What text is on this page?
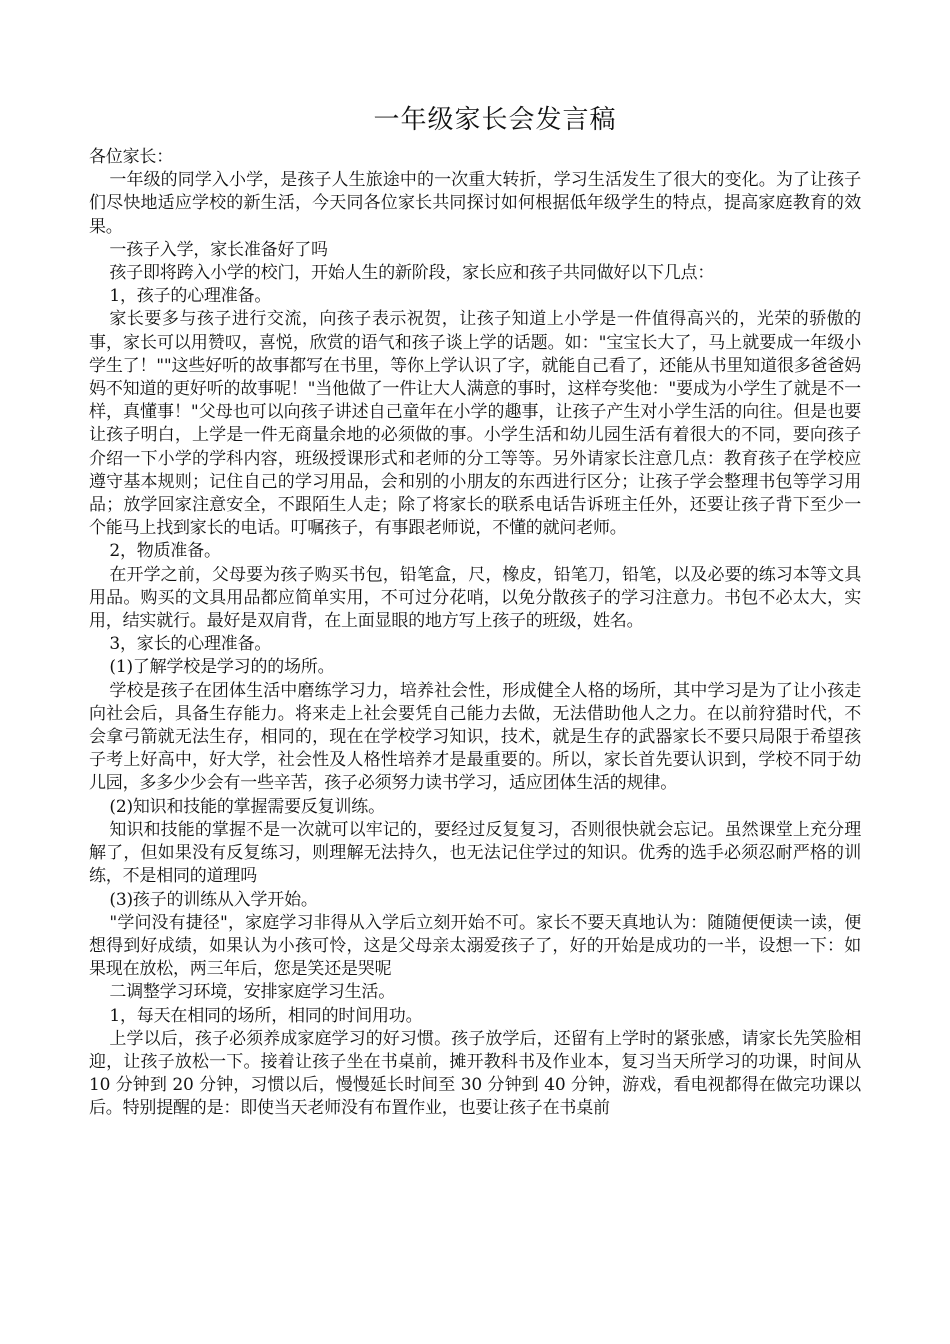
一年级家长会发言稿

各位家长：

一年级的同学入小学，是孩子人生旅途中的一次重大转折，学习生活发生了很大的变化。为了让孩子们尽快地适应学校的新生活，今天同各位家长共同探讨如何根据低年级学生的特点，提高家庭教育的效果。

一孩子入学，家长准备好了吗

孩子即将跨入小学的校门，开始人生的新阶段，家长应和孩子共同做好以下几点：

1，孩子的心理准备。

家长要多与孩子进行交流，向孩子表示祝贺，让孩子知道上小学是一件值得高兴的，光荣的骄傲的事，家长可以用赞叹，喜悦，欣赏的语气和孩子谈上学的话题。如："宝宝长大了，马上就要成一年级小学生了！""这些好听的故事都写在书里，等你上学认识了字，就能自己看了，还能从书里知道很多爸爸妈妈不知道的更好听的故事呢！"当他做了一件让大人满意的事时，这样夸奖他："要成为小学生了就是不一样，真懂事！"父母也可以向孩子讲述自己童年在小学的趣事，让孩子产生对小学生活的向往。但是也要让孩子明白，上学是一件无商量余地的必须做的事。小学生活和幼儿园生活有着很大的不同，要向孩子介绍一下小学的学科内容，班级授课形式和老师的分工等等。另外请家长注意几点：教育孩子在学校应遵守基本规则；记住自己的学习用品，会和别的小朋友的东西进行区分；让孩子学会整理书包等学习用品；放学回家注意安全，不跟陌生人走；除了将家长的联系电话告诉班主任外，还要让孩子背下至少一个能马上找到家长的电话。叮嘱孩子，有事跟老师说，不懂的就问老师。

2，物质准备。

在开学之前，父母要为孩子购买书包，铅笔盒，尺，橡皮，铅笔刀，铅笔，以及必要的练习本等文具用品。购买的文具用品都应简单实用，不可过分花哨，以免分散孩子的学习注意力。书包不必太大，实用，结实就行。最好是双肩背，在上面显眼的地方写上孩子的班级，姓名。

3，家长的心理准备。

(1)了解学校是学习的的场所。

学校是孩子在团体生活中磨练学习力，培养社会性，形成健全人格的场所，其中学习是为了让小孩走向社会后，具备生存能力。将来走上社会要凭自己能力去做，无法借助他人之力。在以前狩猎时代，不会拿弓箭就无法生存，相同的，现在在学校学习知识，技术，就是生存的武器家长不要只局限于希望孩子考上好高中，好大学，社会性及人格性培养才是最重要的。所以，家长首先要认识到，学校不同于幼儿园，多多少少会有一些辛苦，孩子必须努力读书学习，适应团体生活的规律。

(2)知识和技能的掌握需要反复训练。

知识和技能的掌握不是一次就可以牢记的，要经过反复复习，否则很快就会忘记。虽然课堂上充分理解了，但如果没有反复练习，则理解无法持久，也无法记住学过的知识。优秀的选手必须忍耐严格的训练，不是相同的道理吗

(3)孩子的训练从入学开始。

"学问没有捷径"，家庭学习非得从入学后立刻开始不可。家长不要天真地认为：随随便便读一读，便想得到好成绩，如果认为小孩可怜，这是父母亲太溺爱孩子了，好的开始是成功的一半，设想一下：如果现在放松，两三年后，您是笑还是哭呢

二调整学习环境，安排家庭学习生活。

1，每天在相同的场所，相同的时间用功。

上学以后，孩子必须养成家庭学习的好习惯。孩子放学后，还留有上学时的紧张感，请家长先笑脸相迎，让孩子放松一下。接着让孩子坐在书桌前，摊开教科书及作业本，复习当天所学习的功课，时间从 10 分钟到 20 分钟，习惯以后，慢慢延长时间至 30 分钟到 40 分钟，游戏，看电视都得在做完功课以后。特别提醒的是：即使当天老师没有布置作业，也要让孩子在书桌前
